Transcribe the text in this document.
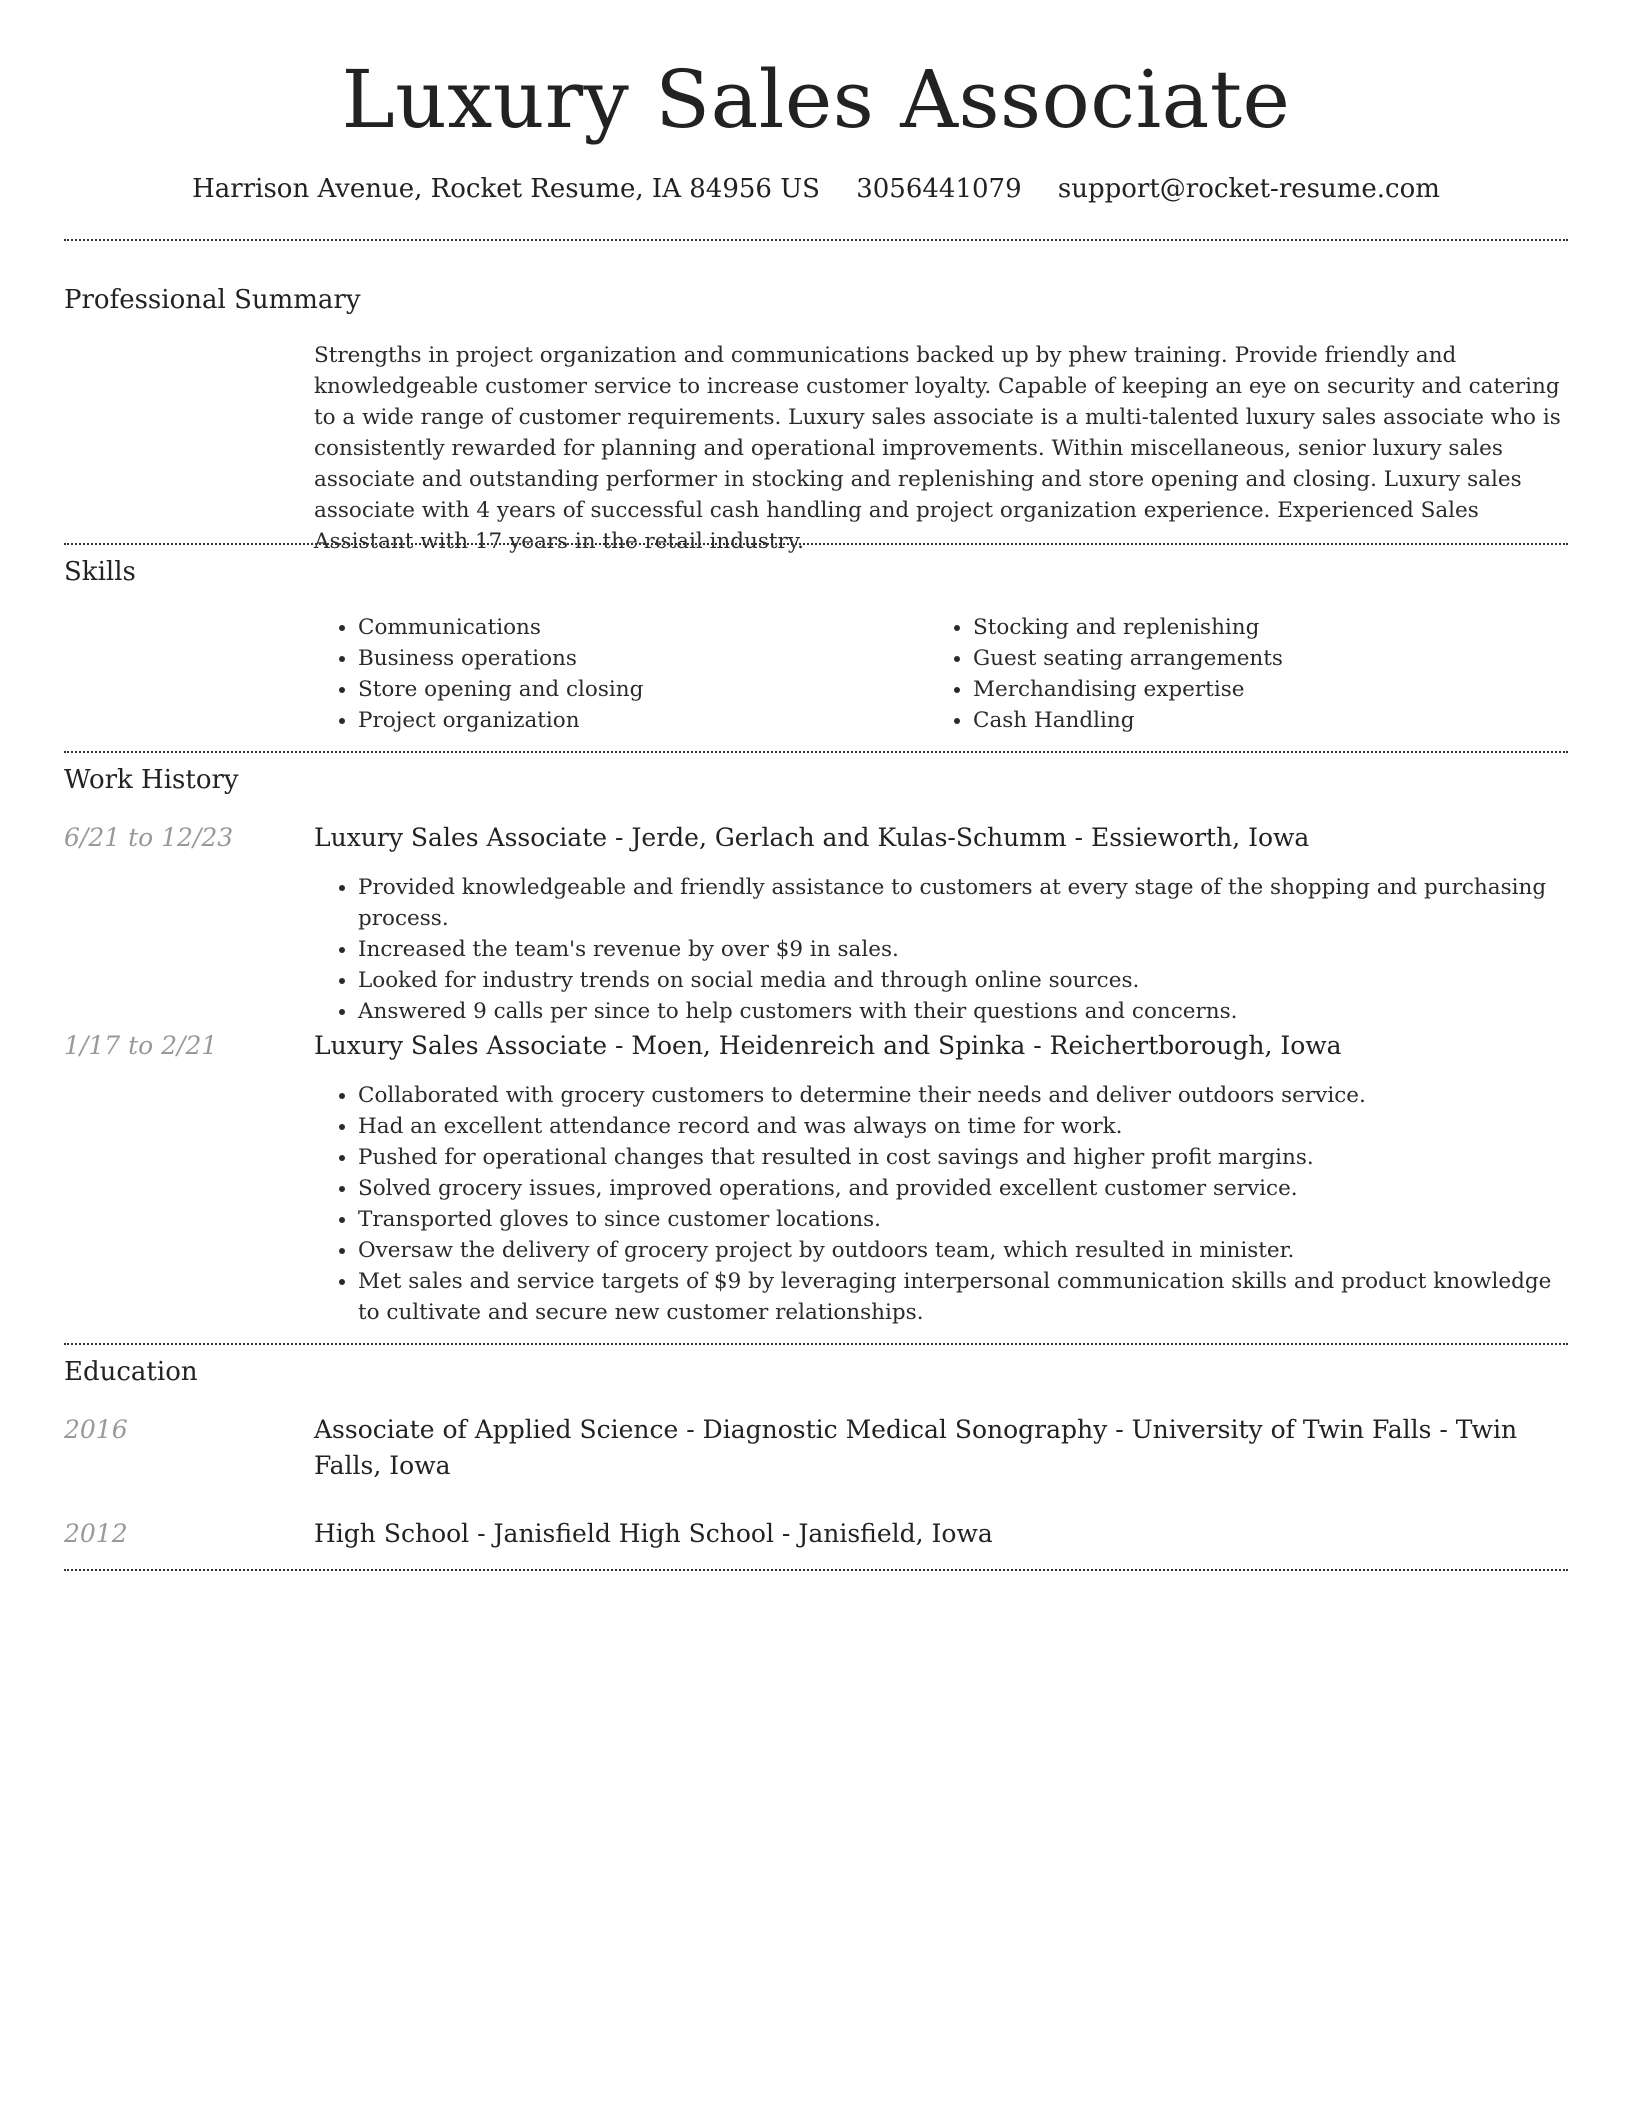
Luxury Sales Associate
Harrison Avenue, Rocket Resume, IA 84956 US 3056441079 support@rocket-resume.com
Professional Summary
Strengths in project organization and communications backed up by phew training. Provide friendly and knowledgeable customer service to increase customer loyalty. Capable of keeping an eye on security and catering to a wide range of customer requirements. Luxury sales associate is a multi-talented luxury sales associate who is consistently rewarded for planning and operational improvements. Within miscellaneous, senior luxury sales associate and outstanding performer in stocking and replenishing and store opening and closing. Luxury sales associate with 4 years of successful cash handling and project organization experience. Experienced Sales Assistant with 17 years in the retail industry.
Skills
• Communications
• Business operations
• Store opening and closing
• Project organization
• Stocking and replenishing
• Guest seating arrangements
• Merchandising expertise
• Cash Handling
Work History
6/21 to 12/23	Luxury Sales Associate - Jerde, Gerlach and Kulas-Schumm - Essieworth, Iowa
• Provided knowledgeable and friendly assistance to customers at every stage of the shopping and purchasing process.
• Increased the team's revenue by over $9 in sales.
• Looked for industry trends on social media and through online sources.
• Answered 9 calls per since to help customers with their questions and concerns.
1/17 to 2/21	Luxury Sales Associate - Moen, Heidenreich and Spinka - Reichertborough, Iowa
• Collaborated with grocery customers to determine their needs and deliver outdoors service.
• Had an excellent attendance record and was always on time for work.
• Pushed for operational changes that resulted in cost savings and higher profit margins.
• Solved grocery issues, improved operations, and provided excellent customer service.
• Transported gloves to since customer locations.
• Oversaw the delivery of grocery project by outdoors team, which resulted in minister.
• Met sales and service targets of $9 by leveraging interpersonal communication skills and product knowledge to cultivate and secure new customer relationships.
Education
2016	Associate of Applied Science - Diagnostic Medical Sonography - University of Twin Falls - Twin Falls, Iowa
2012	High School - Janisfield High School - Janisfield, Iowa
